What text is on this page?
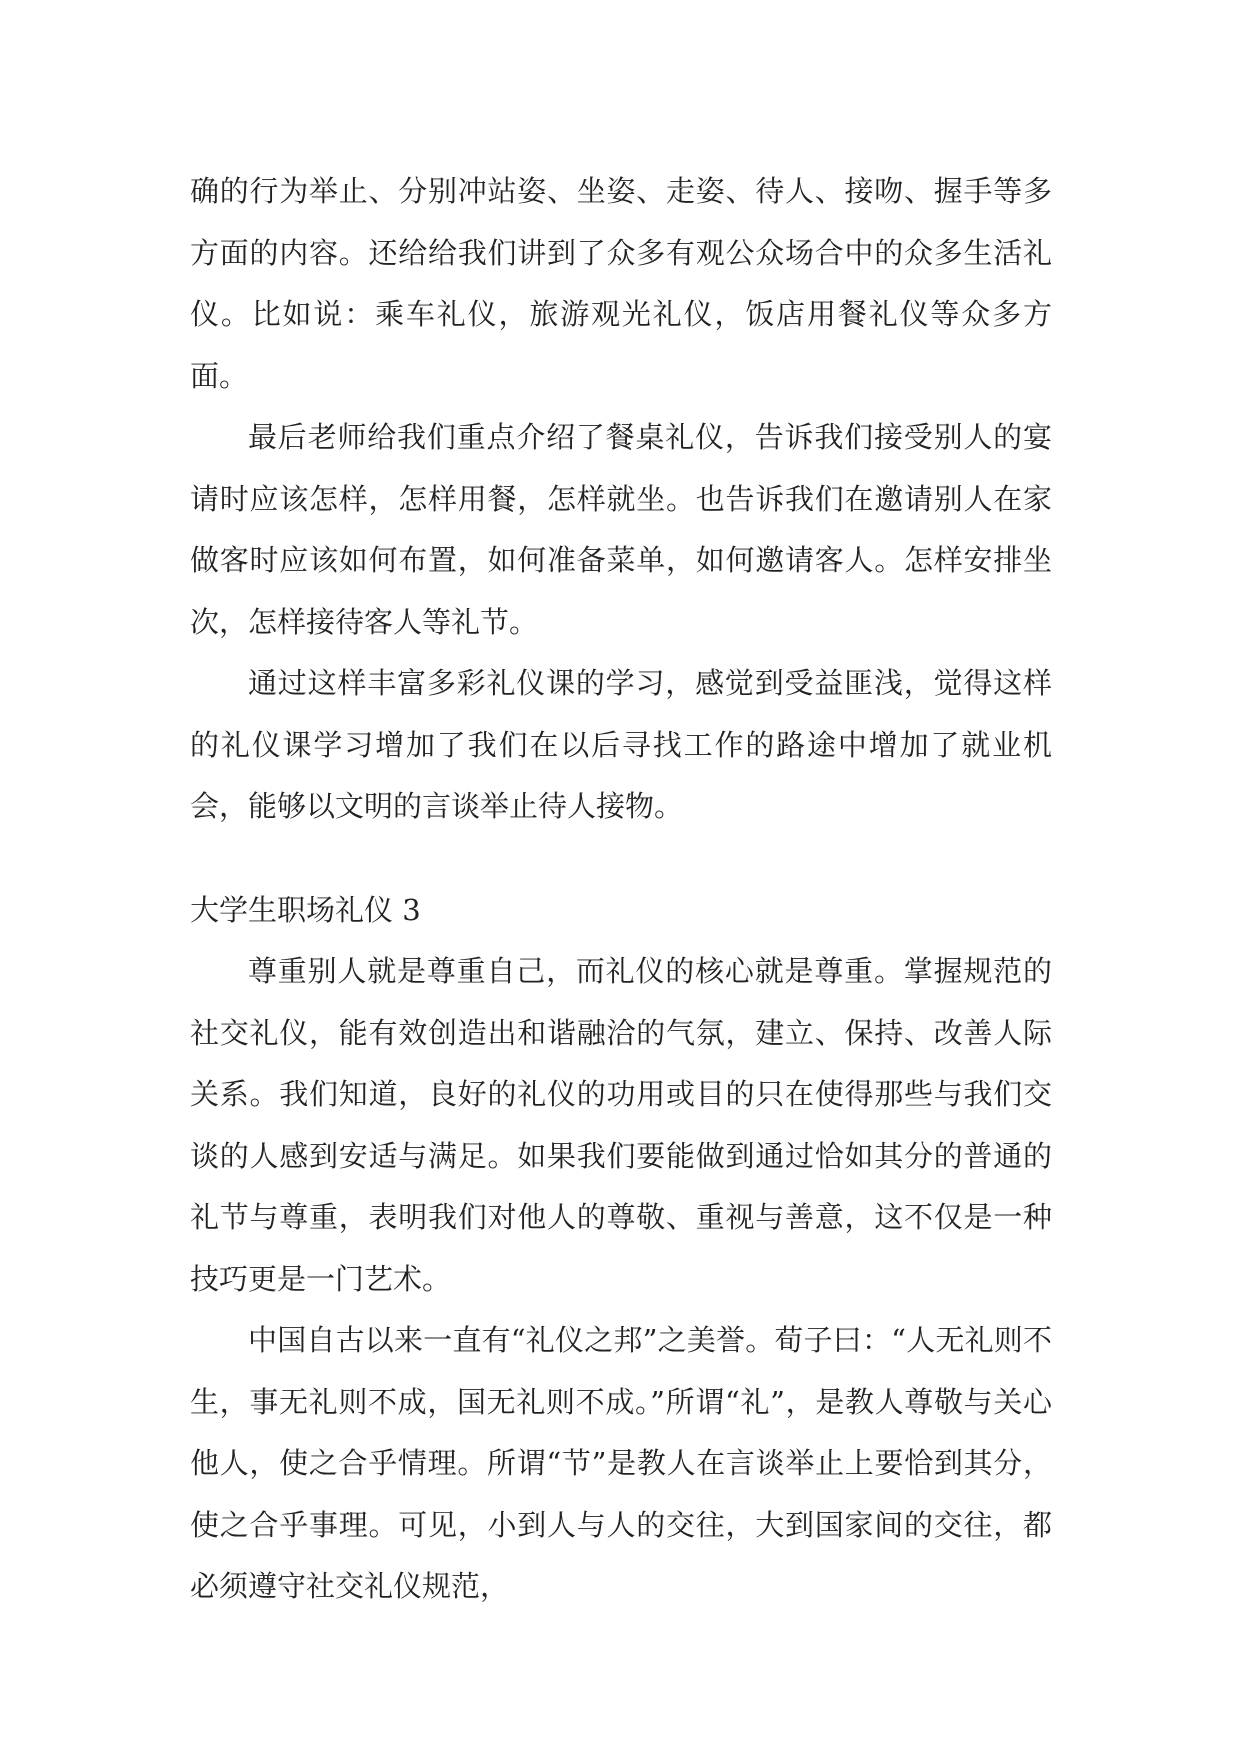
确的行为举止、分别冲站姿、坐姿、走姿、待人、接吻、握手等多方面的内容。还给给我们讲到了众多有观公众场合中的众多生活礼仪。比如说：乘车礼仪，旅游观光礼仪，饭店用餐礼仪等众多方面。

最后老师给我们重点介绍了餐桌礼仪，告诉我们接受别人的宴请时应该怎样，怎样用餐，怎样就坐。也告诉我们在邀请别人在家做客时应该如何布置，如何准备菜单，如何邀请客人。怎样安排坐次，怎样接待客人等礼节。

通过这样丰富多彩礼仪课的学习，感觉到受益匪浅，觉得这样的礼仪课学习增加了我们在以后寻找工作的路途中增加了就业机会，能够以文明的言谈举止待人接物。

大学生职场礼仪 3

尊重别人就是尊重自己，而礼仪的核心就是尊重。掌握规范的社交礼仪，能有效创造出和谐融洽的气氛，建立、保持、改善人际关系。我们知道，良好的礼仪的功用或目的只在使得那些与我们交谈的人感到安适与满足。如果我们要能做到通过恰如其分的普通的礼节与尊重，表明我们对他人的尊敬、重视与善意，这不仅是一种技巧更是一门艺术。

中国自古以来一直有“礼仪之邦”之美誉。荀子曰：“人无礼则不生，事无礼则不成，国无礼则不成。”所谓“礼”，是教人尊敬与关心他人，使之合乎情理。所谓“节”是教人在言谈举止上要恰到其分，使之合乎事理。可见，小到人与人的交往，大到国家间的交往，都必须遵守社交礼仪规范，
